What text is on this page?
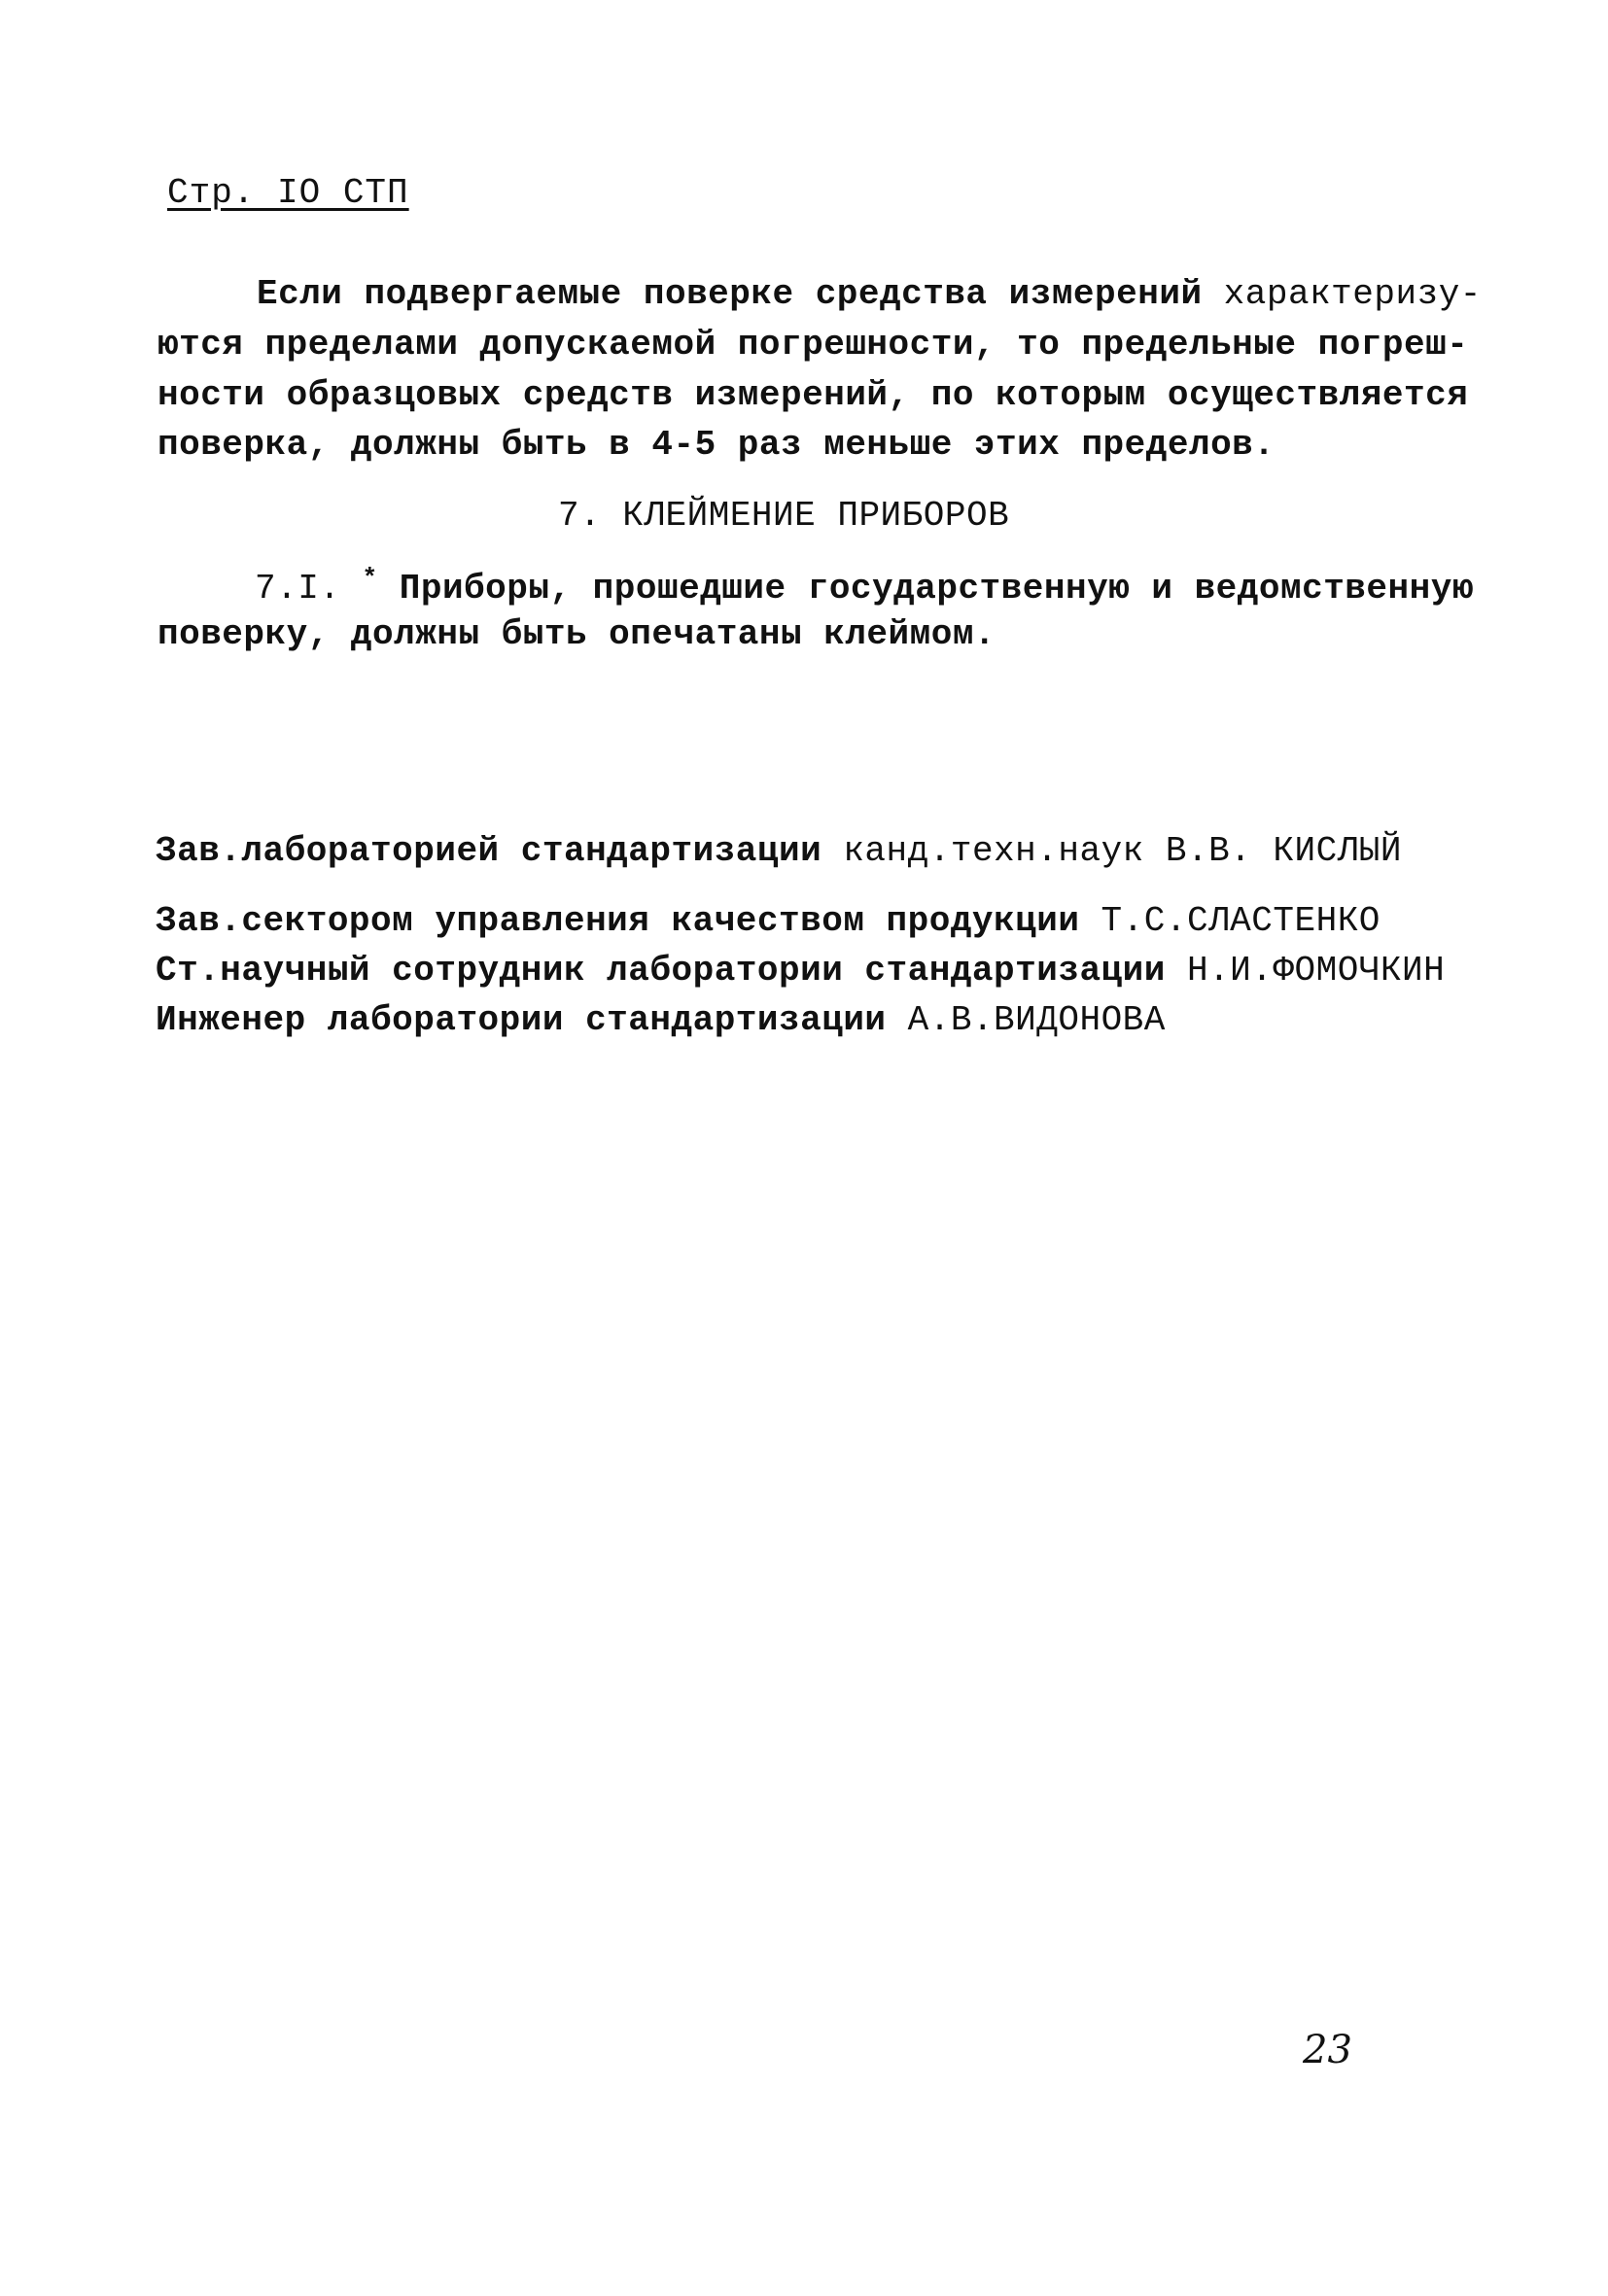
Стр. IO СТП
Если подвергаемые поверке средства измерений характеризу-
ются пределами допускаемой погрешности, то предельные погреш-
ности образцовых средств измерений, по которым осуществляется
поверка, должны быть в 4-5 раз меньше этих пределов.
7. КЛЕЙМЕНИЕ ПРИБОРОВ
7.I. * Приборы, прошедшие государственную и ведомственную
поверку, должны быть опечатаны клеймом.
Зав.лабораторией стандартизации канд.техн.наук В.В. КИСЛЫЙ
Зав.сектором управления качеством продукции Т.С.СЛАСТЕНКО
Ст.научный сотрудник лаборатории стандартизации Н.И.ФОМОЧКИН
Инженер лаборатории стандартизации А.В.ВИДОНОВА
23
